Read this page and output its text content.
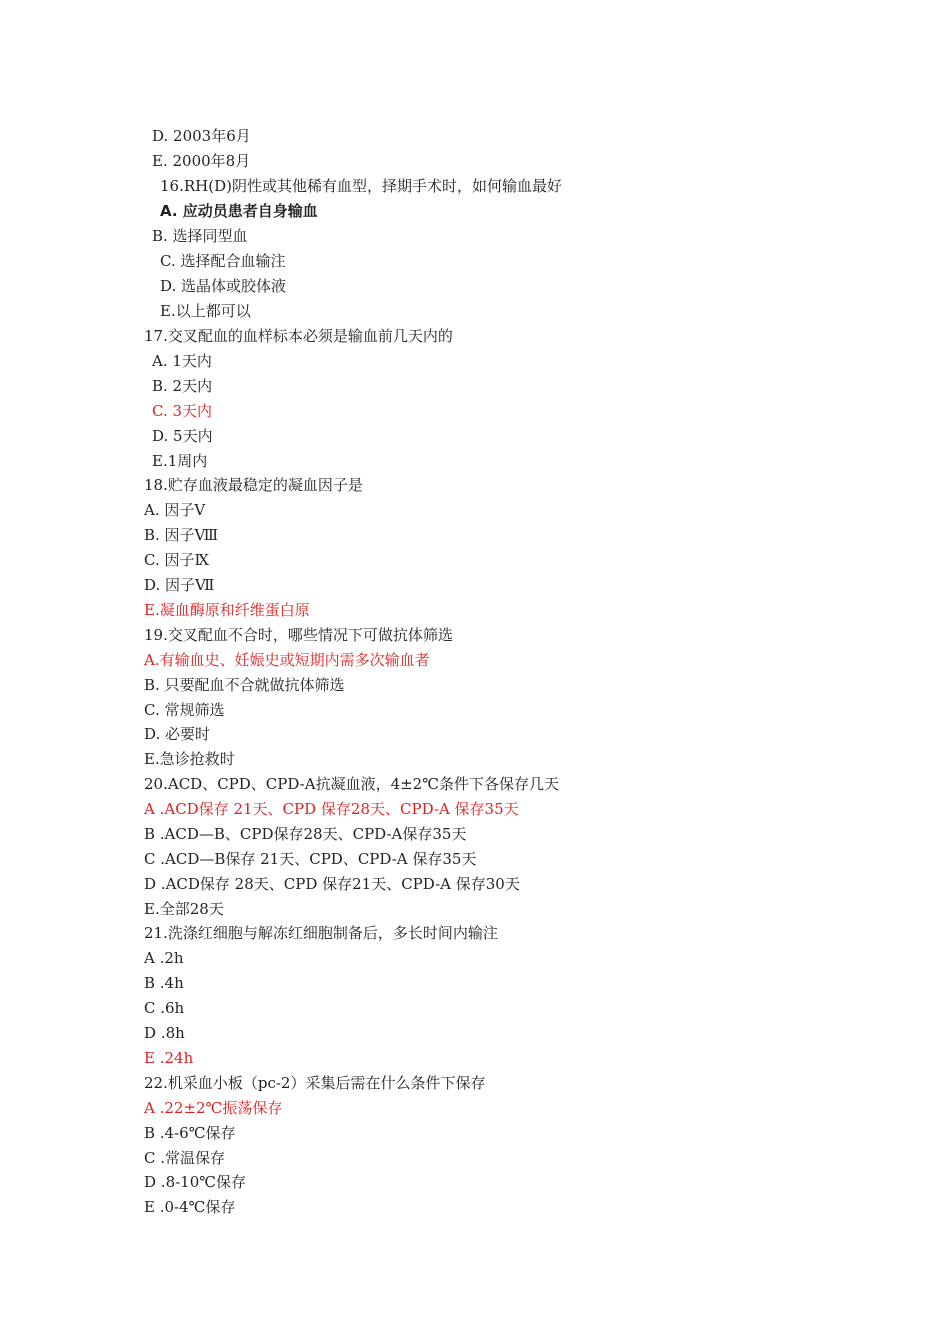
D. 2003年6月
E. 2000年8月
16.RH(D)阴性或其他稀有血型，择期手术时，如何输血最好
A. 应动员患者自身输血
B. 选择同型血
C. 选择配合血输注
D. 选晶体或胶体液
E.以上都可以
17.交叉配血的血样标本必须是输血前几天内的
A. 1天内
B. 2天内
C. 3天内
D. 5天内
E.1周内
18.贮存血液最稳定的凝血因子是
A. 因子Ⅴ
B. 因子Ⅷ
C. 因子Ⅸ
D. 因子Ⅶ
E.凝血酶原和纤维蛋白原
19.交叉配血不合时，哪些情况下可做抗体筛选
A.有输血史、妊娠史或短期内需多次输血者
B. 只要配血不合就做抗体筛选
C. 常规筛选
D. 必要时
E.急诊抢救时
20.ACD、CPD、CPD-A抗凝血液，4±2℃条件下各保存几天
A .ACD保存 21天、CPD 保存28天、CPD-A 保存35天
B .ACD—B、CPD保存28天、CPD-A保存35天
C .ACD—B保存 21天、CPD、CPD-A 保存35天
D .ACD保存 28天、CPD 保存21天、CPD-A 保存30天
E.全部28天
21.洗涤红细胞与解冻红细胞制备后，多长时间内输注
A .2h
B .4h
C .6h
D .8h
E .24h
22.机采血小板（pc-2）采集后需在什么条件下保存
A .22±2℃振荡保存
B .4-6℃保存
C .常温保存
D .8-10℃保存
E .0-4℃保存
